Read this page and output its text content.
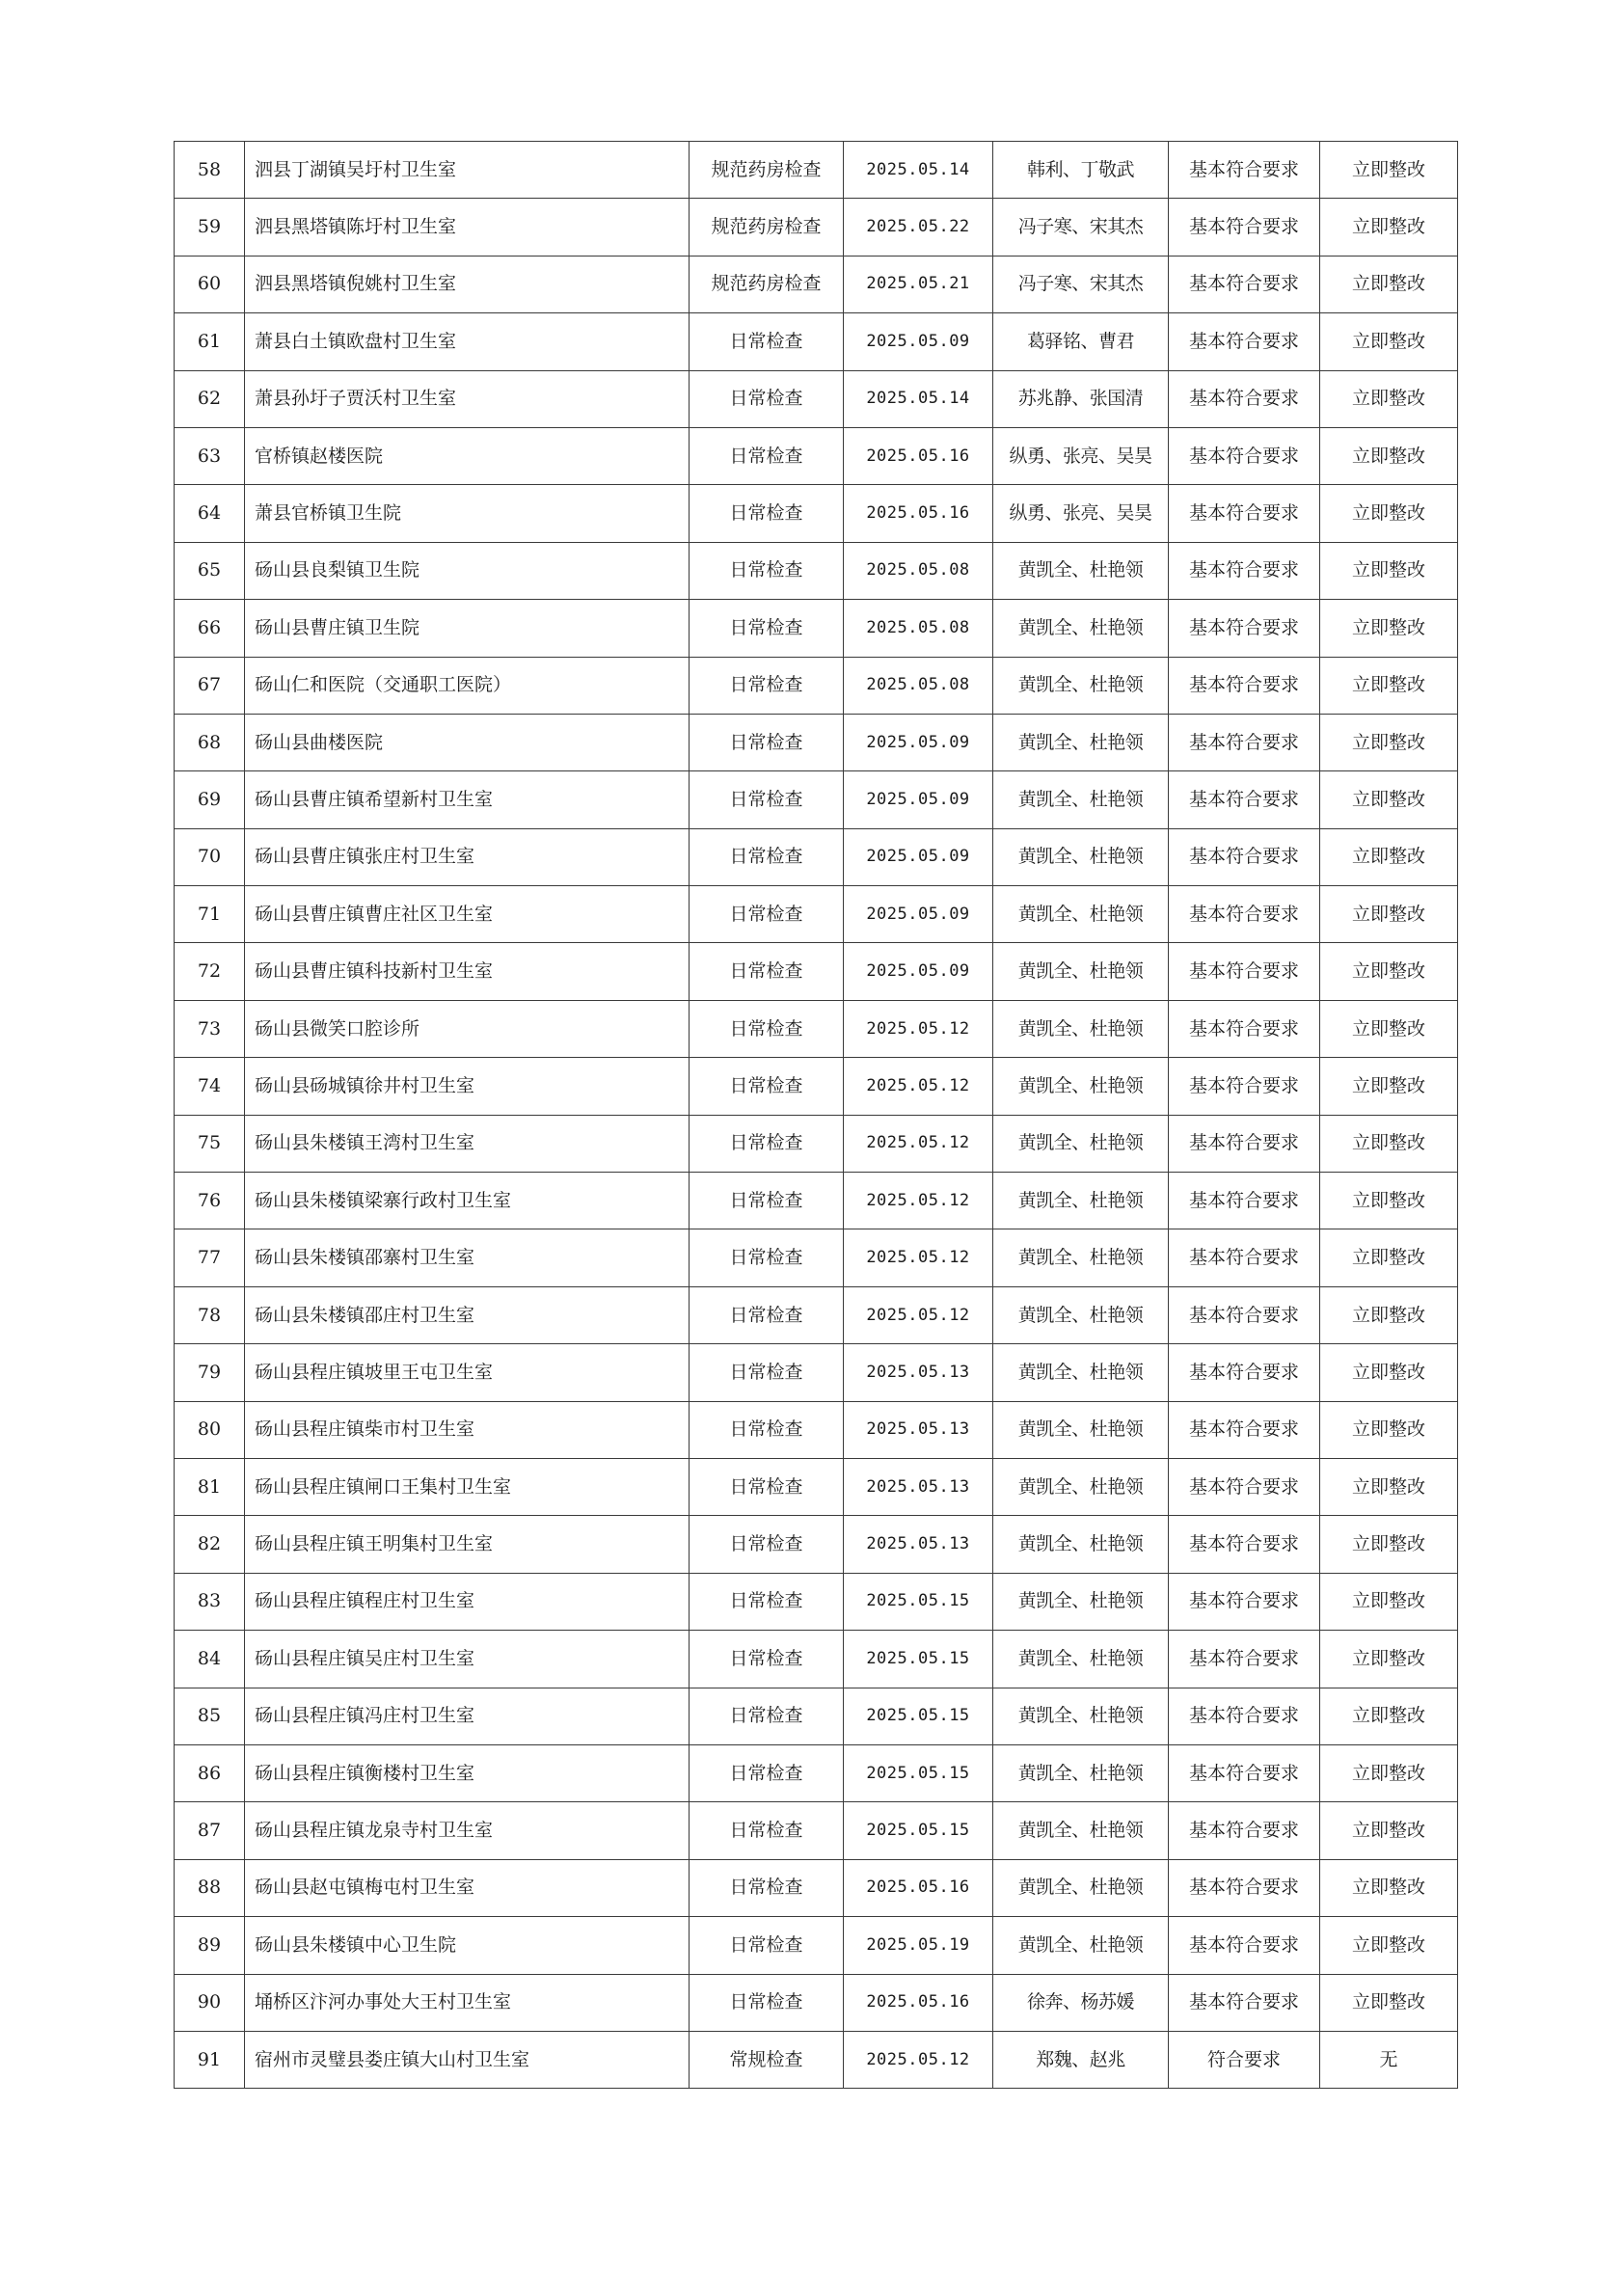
58	泗县丁湖镇吴圩村卫生室	规范药房检查	2025.05.14	韩利、丁敬武	基本符合要求	立即整改
59	泗县黑塔镇陈圩村卫生室	规范药房检查	2025.05.22	冯子寒、宋其杰	基本符合要求	立即整改
60	泗县黑塔镇倪姚村卫生室	规范药房检查	2025.05.21	冯子寒、宋其杰	基本符合要求	立即整改
61	萧县白土镇欧盘村卫生室	日常检查	2025.05.09	葛驿铭、曹君	基本符合要求	立即整改
62	萧县孙圩子贾沃村卫生室	日常检查	2025.05.14	苏兆静、张国清	基本符合要求	立即整改
63	官桥镇赵楼医院	日常检查	2025.05.16	纵勇、张亮、吴昊	基本符合要求	立即整改
64	萧县官桥镇卫生院	日常检查	2025.05.16	纵勇、张亮、吴昊	基本符合要求	立即整改
65	砀山县良梨镇卫生院	日常检查	2025.05.08	黄凯全、杜艳领	基本符合要求	立即整改
66	砀山县曹庄镇卫生院	日常检查	2025.05.08	黄凯全、杜艳领	基本符合要求	立即整改
67	砀山仁和医院（交通职工医院）	日常检查	2025.05.08	黄凯全、杜艳领	基本符合要求	立即整改
68	砀山县曲楼医院	日常检查	2025.05.09	黄凯全、杜艳领	基本符合要求	立即整改
69	砀山县曹庄镇希望新村卫生室	日常检查	2025.05.09	黄凯全、杜艳领	基本符合要求	立即整改
70	砀山县曹庄镇张庄村卫生室	日常检查	2025.05.09	黄凯全、杜艳领	基本符合要求	立即整改
71	砀山县曹庄镇曹庄社区卫生室	日常检查	2025.05.09	黄凯全、杜艳领	基本符合要求	立即整改
72	砀山县曹庄镇科技新村卫生室	日常检查	2025.05.09	黄凯全、杜艳领	基本符合要求	立即整改
73	砀山县微笑口腔诊所	日常检查	2025.05.12	黄凯全、杜艳领	基本符合要求	立即整改
74	砀山县砀城镇徐井村卫生室	日常检查	2025.05.12	黄凯全、杜艳领	基本符合要求	立即整改
75	砀山县朱楼镇王湾村卫生室	日常检查	2025.05.12	黄凯全、杜艳领	基本符合要求	立即整改
76	砀山县朱楼镇梁寨行政村卫生室	日常检查	2025.05.12	黄凯全、杜艳领	基本符合要求	立即整改
77	砀山县朱楼镇邵寨村卫生室	日常检查	2025.05.12	黄凯全、杜艳领	基本符合要求	立即整改
78	砀山县朱楼镇邵庄村卫生室	日常检查	2025.05.12	黄凯全、杜艳领	基本符合要求	立即整改
79	砀山县程庄镇坡里王屯卫生室	日常检查	2025.05.13	黄凯全、杜艳领	基本符合要求	立即整改
80	砀山县程庄镇柴市村卫生室	日常检查	2025.05.13	黄凯全、杜艳领	基本符合要求	立即整改
81	砀山县程庄镇闸口王集村卫生室	日常检查	2025.05.13	黄凯全、杜艳领	基本符合要求	立即整改
82	砀山县程庄镇王明集村卫生室	日常检查	2025.05.13	黄凯全、杜艳领	基本符合要求	立即整改
83	砀山县程庄镇程庄村卫生室	日常检查	2025.05.15	黄凯全、杜艳领	基本符合要求	立即整改
84	砀山县程庄镇吴庄村卫生室	日常检查	2025.05.15	黄凯全、杜艳领	基本符合要求	立即整改
85	砀山县程庄镇冯庄村卫生室	日常检查	2025.05.15	黄凯全、杜艳领	基本符合要求	立即整改
86	砀山县程庄镇衡楼村卫生室	日常检查	2025.05.15	黄凯全、杜艳领	基本符合要求	立即整改
87	砀山县程庄镇龙泉寺村卫生室	日常检查	2025.05.15	黄凯全、杜艳领	基本符合要求	立即整改
88	砀山县赵屯镇梅屯村卫生室	日常检查	2025.05.16	黄凯全、杜艳领	基本符合要求	立即整改
89	砀山县朱楼镇中心卫生院	日常检查	2025.05.19	黄凯全、杜艳领	基本符合要求	立即整改
90	埇桥区汴河办事处大王村卫生室	日常检查	2025.05.16	徐奔、杨苏媛	基本符合要求	立即整改
91	宿州市灵璧县娄庄镇大山村卫生室	常规检查	2025.05.12	郑魏、赵兆	符合要求	无
